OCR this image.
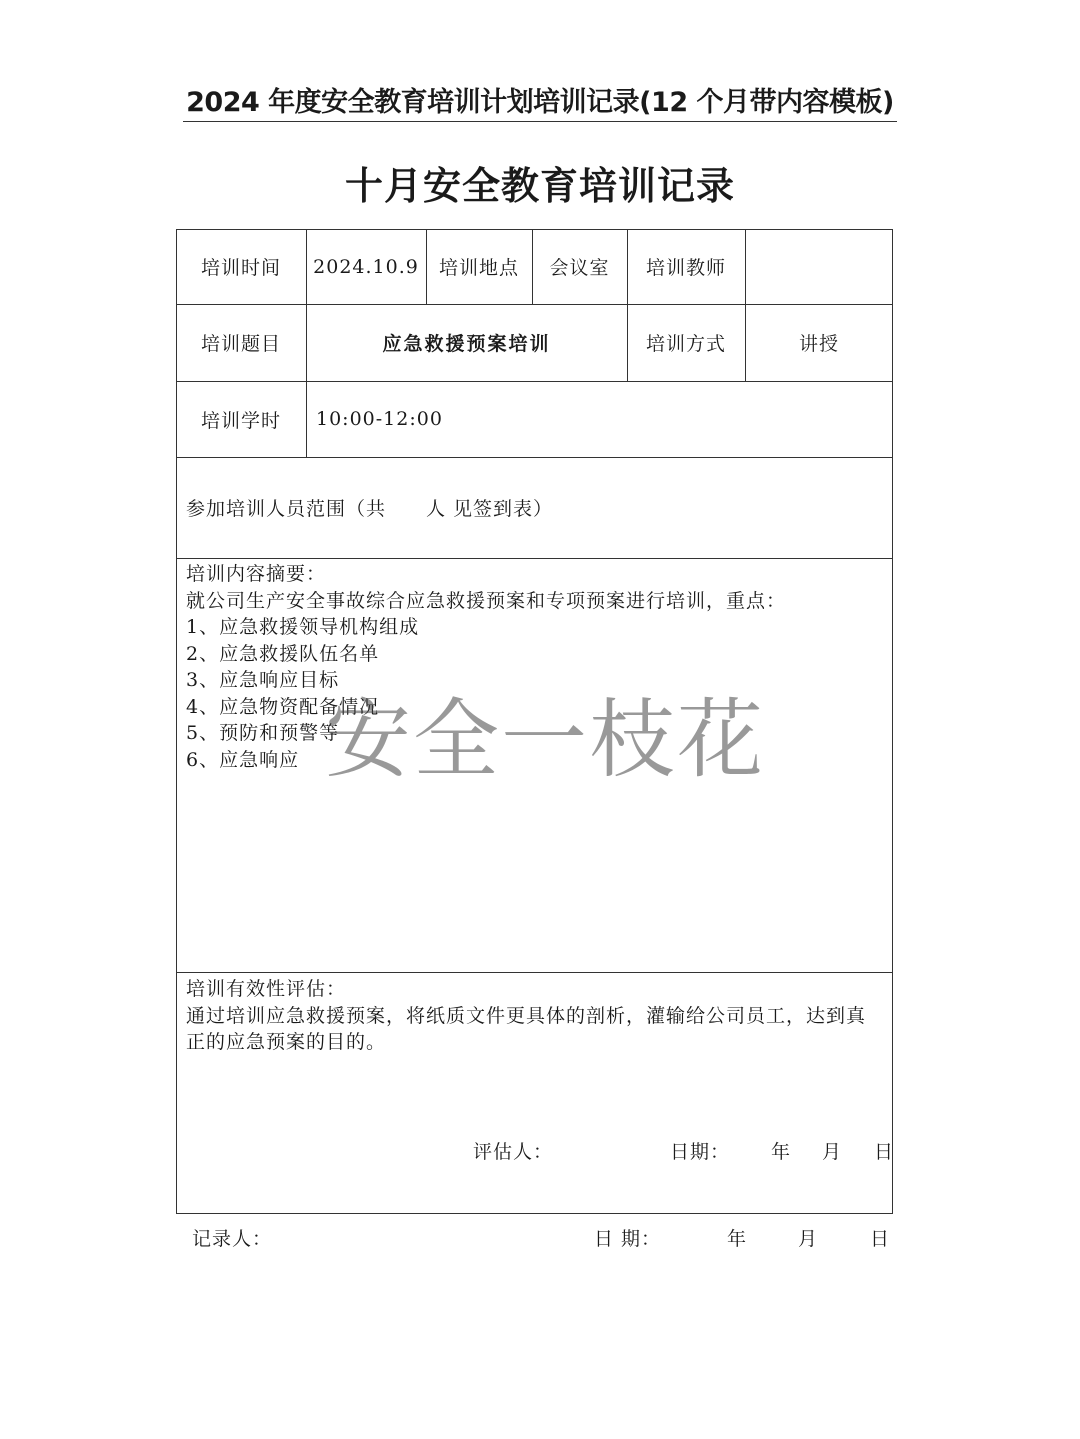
2024 年度安全教育培训计划培训记录(12 个月带内容模板)
十月安全教育培训记录
培训时间	2024.10.9	培训地点	会议室	培训教师
培训题目	应急救援预案培训	培训方式	讲授
培训学时	10:00-12:00
参加培训人员范围（共　　人 见签到表）
培训内容摘要：
就公司生产安全事故综合应急救援预案和专项预案进行培训，重点：
1、应急救援领导机构组成
2、应急救援队伍名单
3、应急响应目标
4、应急物资配备情况
5、预防和预警等
6、应急响应
培训有效性评估：
通过培训应急救援预案，将纸质文件更具体的剖析，灌输给公司员工，达到真
正的应急预案的目的。
评估人：	日期： 年 月 日
记录人：	日 期：	年	月	日
安全一枝花
